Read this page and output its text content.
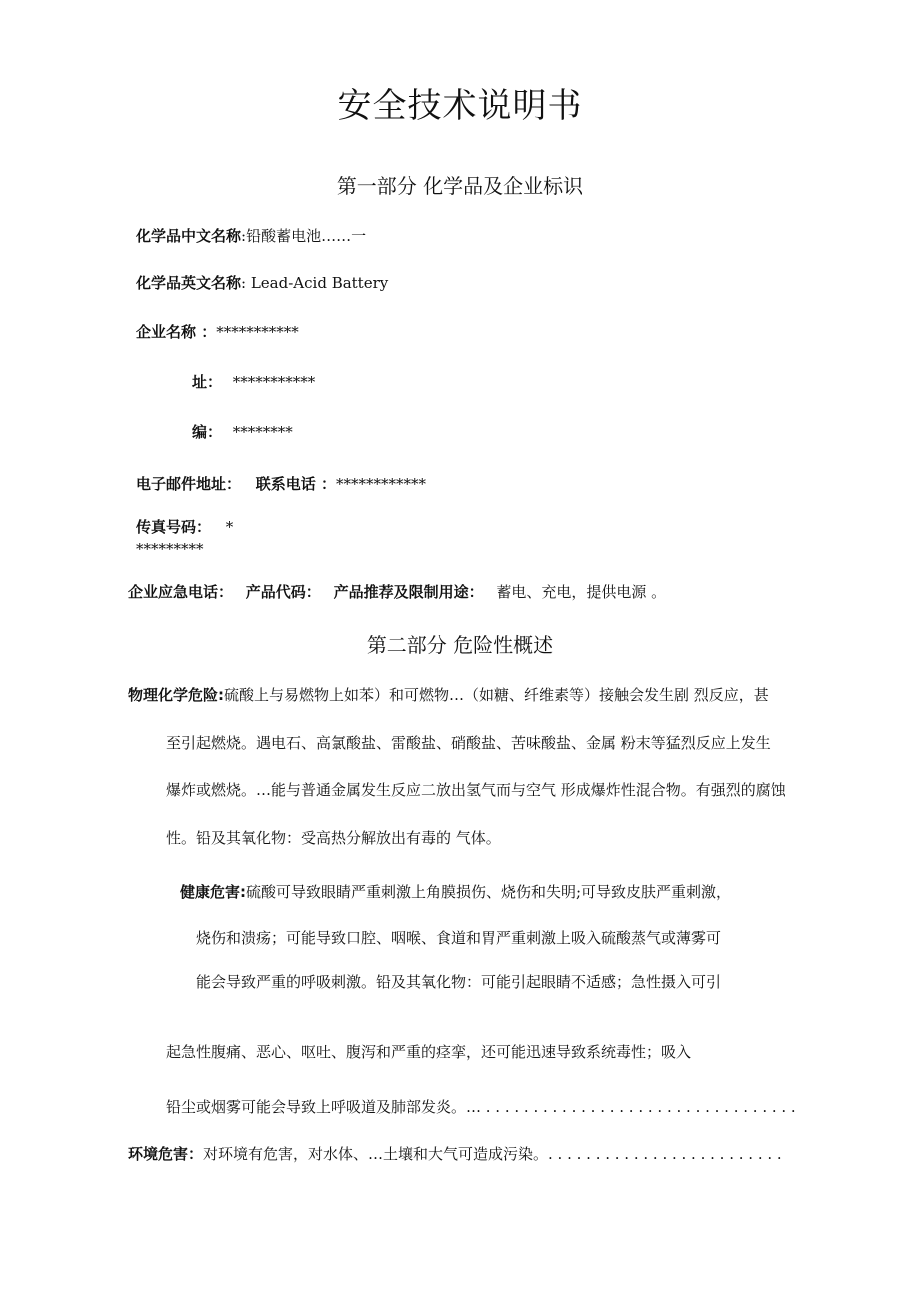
安全技术说明书
第一部分 化学品及企业标识
化学品中文名称:铅酸蓄电池……一
化学品英文名称: Lead-Acid Battery
企业名称 ：***********
址： ***********
编： ********
电子邮件地址： 联系电话 ：************
传真号码： *
*********
企业应急电话： 产品代码： 产品推荐及限制用途： 蓄电、充电，提供电源 。
第二部分 危险性概述
物理化学危险:硫酸上与易燃物上如苯）和可燃物…（如糖、纤维素等）接触会发生剧 烈反应，甚
至引起燃烧。遇电石、高氯酸盐、雷酸盐、硝酸盐、苦味酸盐、金属 粉末等猛烈反应上发生
爆炸或燃烧。…能与普通金属发生反应二放出氢气而与空气 形成爆炸性混合物。有强烈的腐蚀
性。铅及其氧化物：受高热分解放出有毒的 气体。
健康危害:硫酸可导致眼睛严重刺激上角膜损伤、烧伤和失明;可导致皮肤严重刺激，
烧伤和溃疡；可能导致口腔、咽喉、食道和胃严重刺激上吸入硫酸蒸气或薄雾可
能会导致严重的呼吸刺激。铅及其氧化物：可能引起眼睛不适感；急性摄入可引
起急性腹痛、恶心、呕吐、腹泻和严重的痉挛，还可能迅速导致系统毒性；吸入
铅尘或烟雾可能会导致上呼吸道及肺部发炎。… . . . . . . . . . . . . . . . . . . . . . . . . . . . . . . . . .
环境危害：对环境有危害，对水体、…土壤和大气可造成污染。. . . . . . . . . . . . . . . . . . . . . . . . .
